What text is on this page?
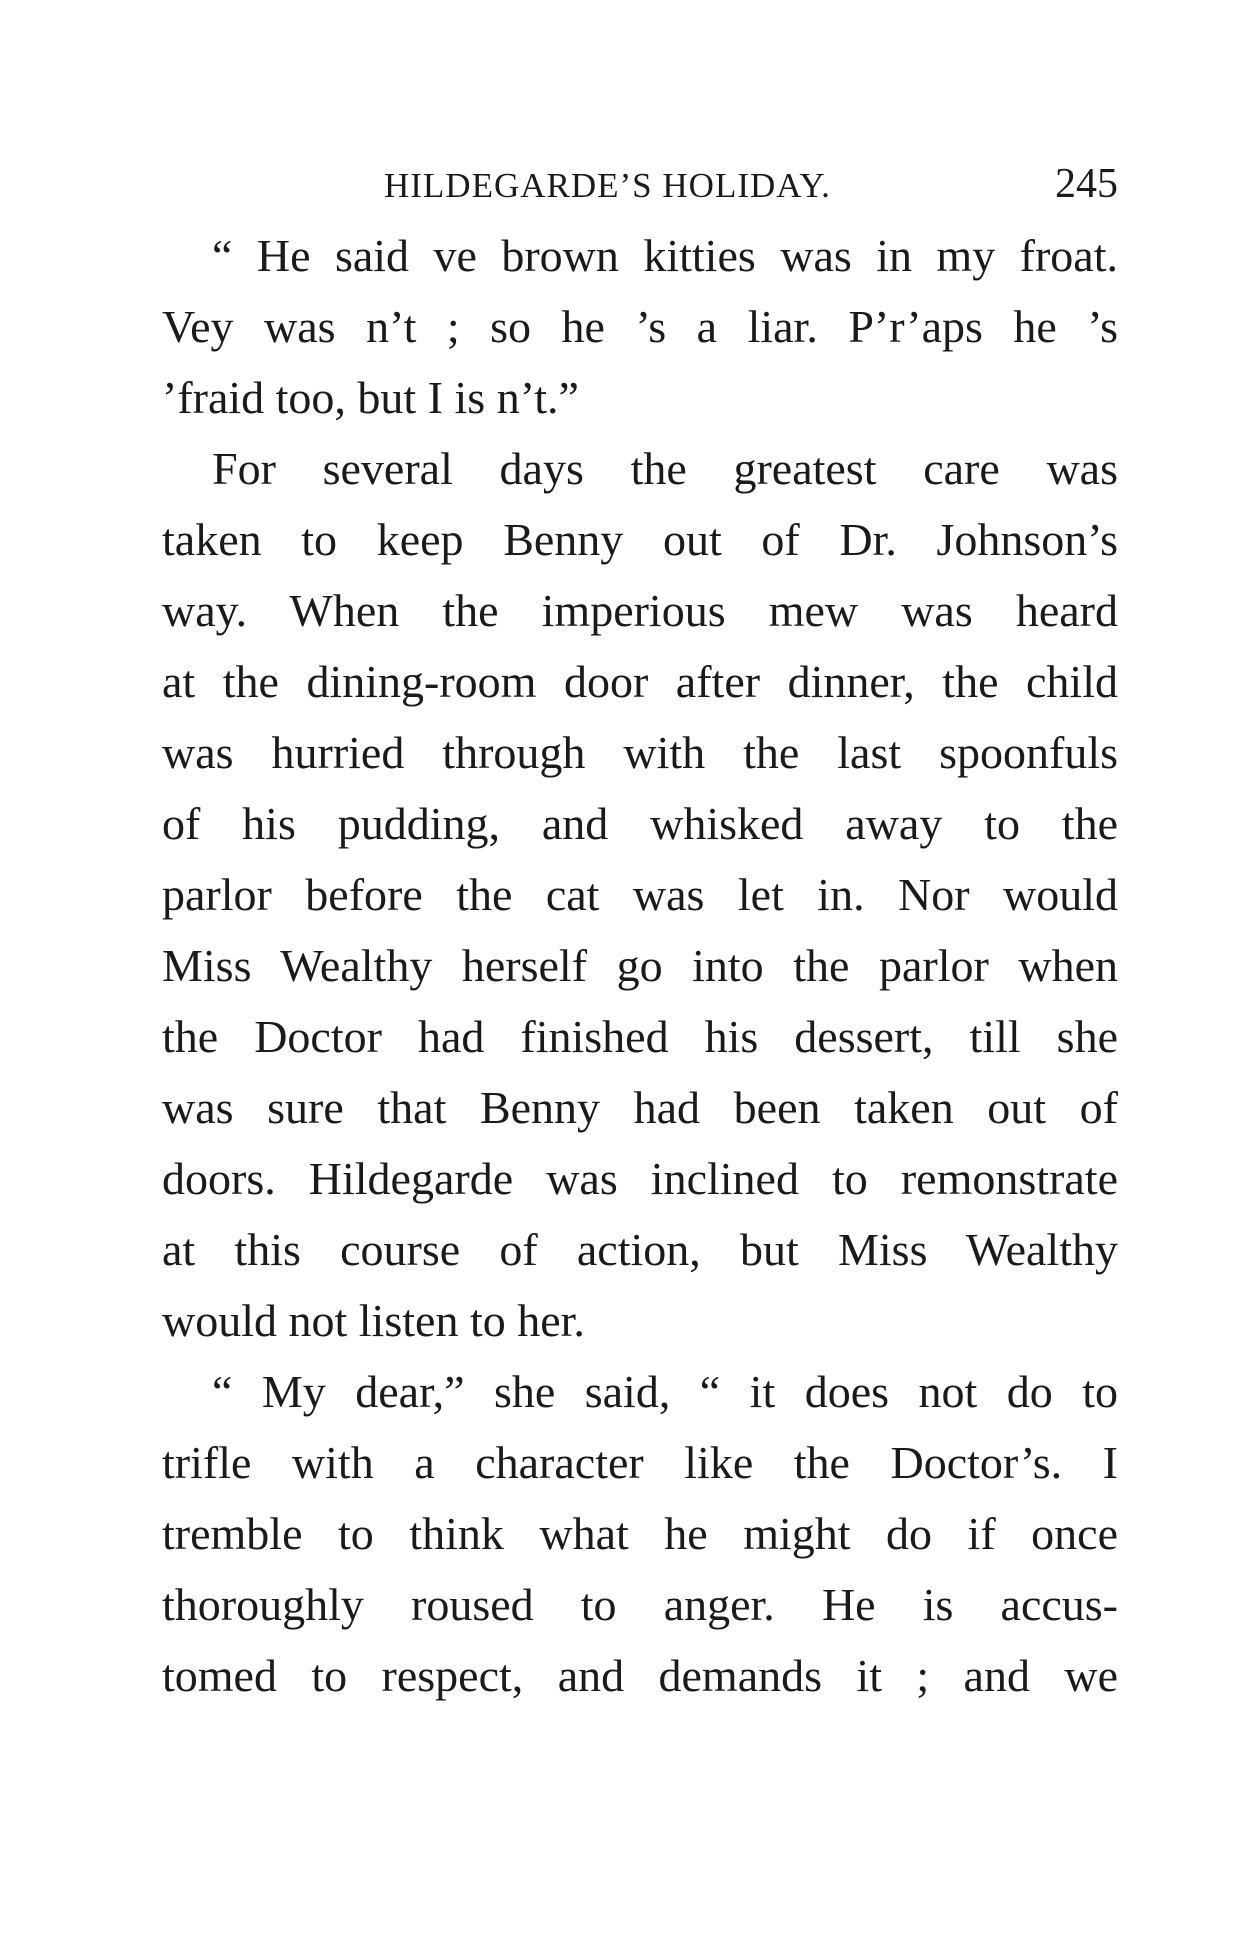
HILDEGARDE’S HOLIDAY.	245
“ He said ve brown kitties was in my froat.
Vey was n’t ; so he ’s a liar. P’r’aps he ’s
’fraid too, but I is n’t.”
For several days the greatest care was
taken to keep Benny out of Dr. Johnson’s
way. When the imperious mew was heard
at the dining-room door after dinner, the child
was hurried through with the last spoonfuls
of his pudding, and whisked away to the
parlor before the cat was let in. Nor would
Miss Wealthy herself go into the parlor when
the Doctor had finished his dessert, till she
was sure that Benny had been taken out of
doors. Hildegarde was inclined to remonstrate
at this course of action, but Miss Wealthy
would not listen to her.
“ My dear,” she said, “ it does not do to
trifle with a character like the Doctor’s. I
tremble to think what he might do if once
thoroughly roused to anger. He is accus-
tomed to respect, and demands it ; and we
